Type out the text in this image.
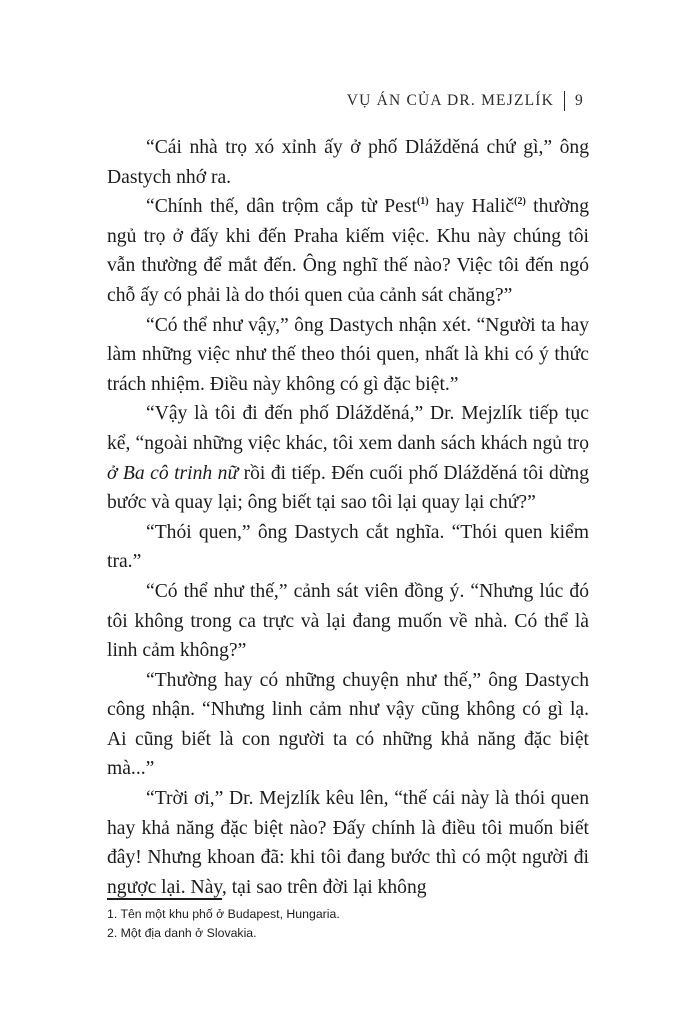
VỤ ÁN CỦA DR. MEJZLÍK 9

“Cái nhà trọ xó xỉnh ấy ở phố Dlážděná chứ gì,” ông Dastych nhớ ra.

“Chính thế, dân trộm cắp từ Pest$^{(1)}$ hay Halič$^{(2)}$ thường ngủ trọ ở đấy khi đến Praha kiếm việc. Khu này chúng tôi vẫn thường để mắt đến. Ông nghĩ thế nào? Việc tôi đến ngó chỗ ấy có phải là do thói quen của cảnh sát chăng?”

“Có thể như vậy,” ông Dastych nhận xét. “Người ta hay làm những việc như thế theo thói quen, nhất là khi có ý thức trách nhiệm. Điều này không có gì đặc biệt.”

“Vậy là tôi đi đến phố Dlážděná,” Dr. Mejzlík tiếp tục kể, “ngoài những việc khác, tôi xem danh sách khách ngủ trọ ở Ba cô trinh nữ rồi đi tiếp. Đến cuối phố Dlážděná tôi dừng bước và quay lại; ông biết tại sao tôi lại quay lại chứ?”

“Thói quen,” ông Dastych cắt nghĩa. “Thói quen kiểm tra.”

“Có thể như thế,” cảnh sát viên đồng ý. “Nhưng lúc đó tôi không trong ca trực và lại đang muốn về nhà. Có thể là linh cảm không?”

“Thường hay có những chuyện như thế,” ông Dastych công nhận. “Nhưng linh cảm như vậy cũng không có gì lạ. Ai cũng biết là con người ta có những khả năng đặc biệt mà...”

“Trời ơi,” Dr. Mejzlík kêu lên, “thế cái này là thói quen hay khả năng đặc biệt nào? Đấy chính là điều tôi muốn biết đây! Nhưng khoan đã: khi tôi đang bước thì có một người đi ngược lại. Này, tại sao trên đời lại không

1. Tên một khu phố ở Budapest, Hungaria.
2. Một địa danh ở Slovakia.
